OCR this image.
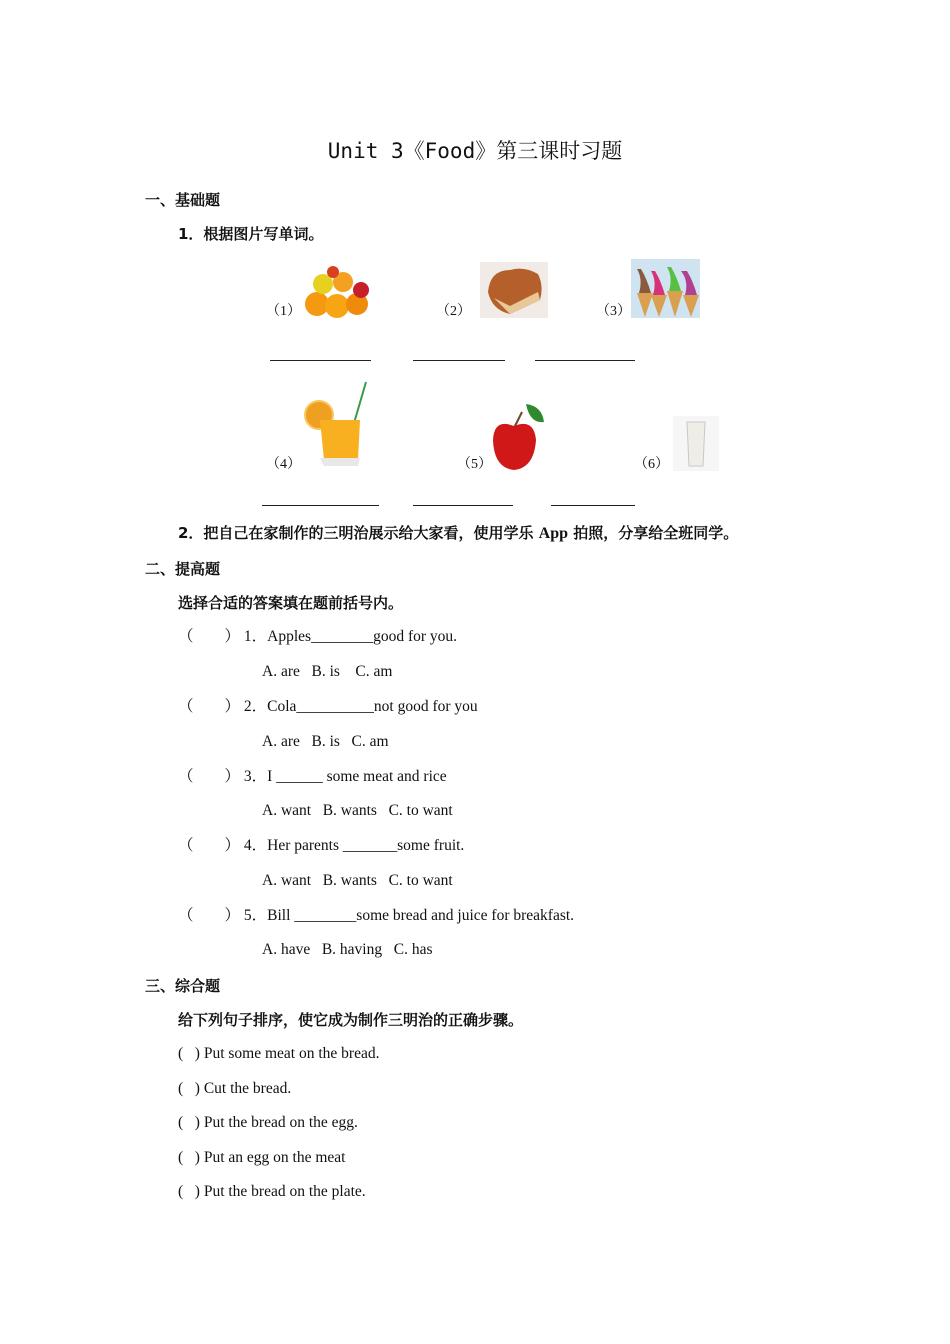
Unit 3《Food》第三课时习题
一、基础题
1．根据图片写单词。
（1）	（2）	（3）
（4）	（5）	（6）
2．把自己在家制作的三明治展示给大家看，使用学乐 App 拍照，分享给全班同学。
二、提高题
选择合适的答案填在题前括号内。
（　　） 1．Apples________good for you.
A. are   B. is    C. am
（　　） 2．Cola__________not good for you
A. are   B. is   C. am
（　　） 3．I ______ some meat and rice
A. want   B. wants   C. to want
（　　） 4．Her parents _______some fruit.
A. want   B. wants   C. to want
（　　） 5．Bill ________some bread and juice for breakfast.
A. have   B. having   C. has
三、综合题
给下列句子排序，使它成为制作三明治的正确步骤。
(   ) Put some meat on the bread.
(   ) Cut the bread.
(   ) Put the bread on the egg.
(   ) Put an egg on the meat
(   ) Put the bread on the plate.
